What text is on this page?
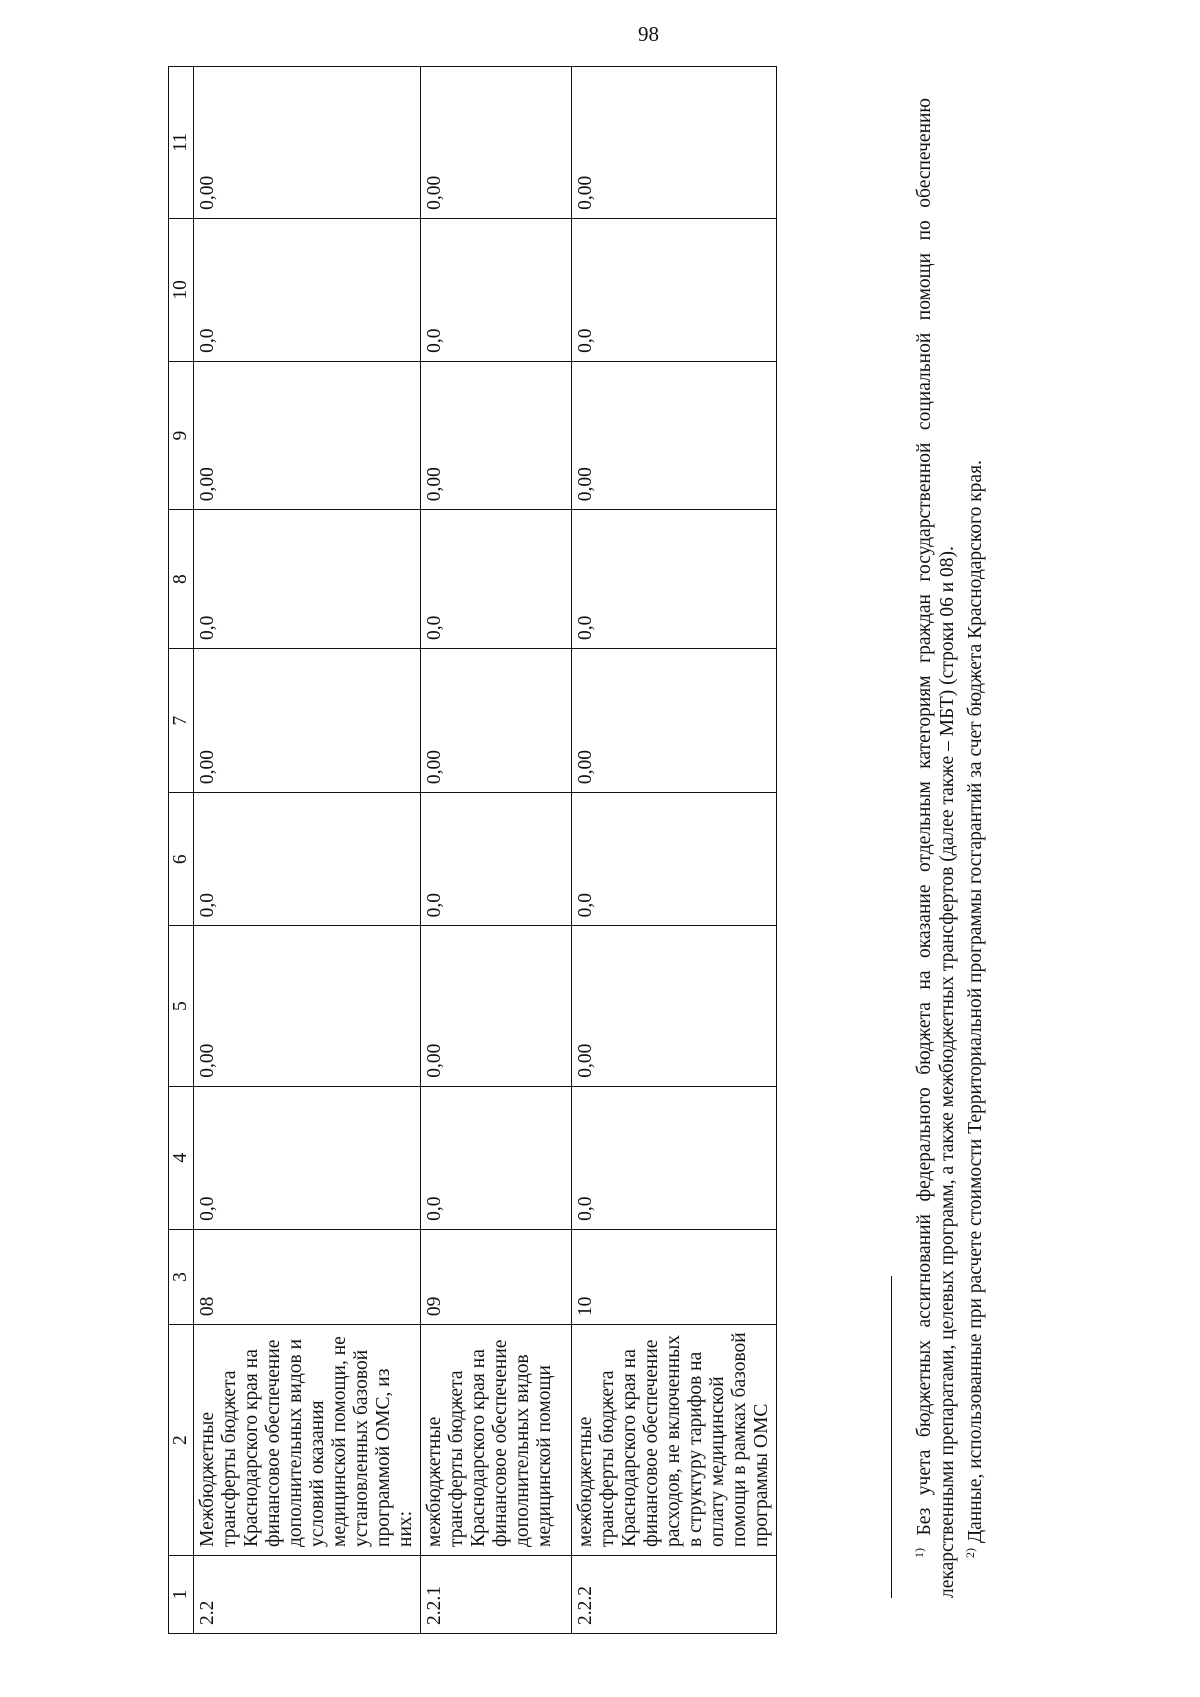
98
1	2	3	4	5	6	7	8	9	10	11
2.2	Межбюджетные трансферты бюджета Краснодарского края на финансовое обеспечение дополнительных видов и условий оказания медицинской помощи, не установленных базовой программой ОМС, из них:	08	0,0	0,00	0,0	0,00	0,0	0,00	0,0	0,00
2.2.1	межбюджетные трансферты бюджета Краснодарского края на финансовое обеспечение дополнительных видов медицинской помощи	09	0,0	0,00	0,0	0,00	0,0	0,00	0,0	0,00
2.2.2	межбюджетные трансферты бюджета Краснодарского края на финансовое обеспечение расходов, не включенных в структуру тарифов на оплату медицинской помощи в рамках базовой программы ОМС	10	0,0	0,00	0,0	0,00	0,0	0,00	0,0	0,00

$^{1)}$ Без учета бюджетных ассигнований федерального бюджета на оказание отдельным категориям граждан государственной социальной помощи по обеспечению лекарственными препаратами, целевых программ, а также межбюджетных трансфертов (далее также – МБТ) (строки 06 и 08). $^{2)}$ Данные, использованные при расчете стоимости Территориальной программы госгарантий за счет бюджета Краснодарского края.
